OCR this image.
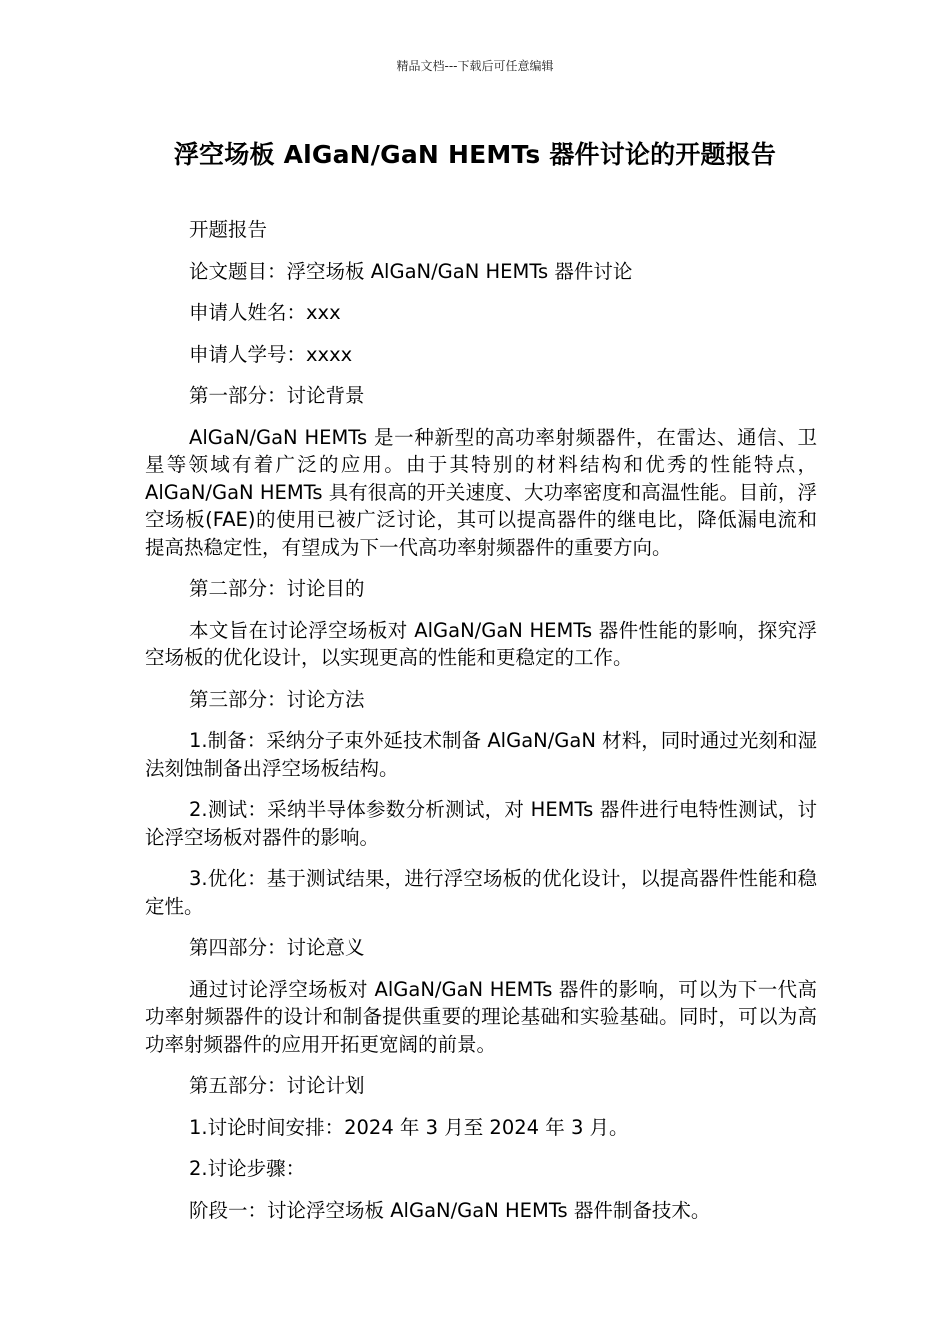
精品文档---下载后可任意编辑
浮空场板 AlGaN/GaN HEMTs 器件讨论的开题报告

开题报告

论文题目：浮空场板 AlGaN/GaN HEMTs 器件讨论

申请人姓名：xxx

申请人学号：xxxx

第一部分：讨论背景

AlGaN/GaN HEMTs 是一种新型的高功率射频器件，在雷达、通信、卫星等领域有着广泛的应用。由于其特别的材料结构和优秀的性能特点，AlGaN/GaN HEMTs 具有很高的开关速度、大功率密度和高温性能。目前，浮空场板(FAE)的使用已被广泛讨论，其可以提高器件的继电比，降低漏电流和提高热稳定性，有望成为下一代高功率射频器件的重要方向。

第二部分：讨论目的

本文旨在讨论浮空场板对 AlGaN/GaN HEMTs 器件性能的影响，探究浮空场板的优化设计，以实现更高的性能和更稳定的工作。

第三部分：讨论方法

1.制备：采纳分子束外延技术制备 AlGaN/GaN 材料，同时通过光刻和湿法刻蚀制备出浮空场板结构。

2.测试：采纳半导体参数分析测试，对 HEMTs 器件进行电特性测试，讨论浮空场板对器件的影响。

3.优化：基于测试结果，进行浮空场板的优化设计，以提高器件性能和稳定性。

第四部分：讨论意义

通过讨论浮空场板对 AlGaN/GaN HEMTs 器件的影响，可以为下一代高功率射频器件的设计和制备提供重要的理论基础和实验基础。同时，可以为高功率射频器件的应用开拓更宽阔的前景。

第五部分：讨论计划

1.讨论时间安排：2024 年 3 月至 2024 年 3 月。

2.讨论步骤：

阶段一：讨论浮空场板 AlGaN/GaN HEMTs 器件制备技术。
